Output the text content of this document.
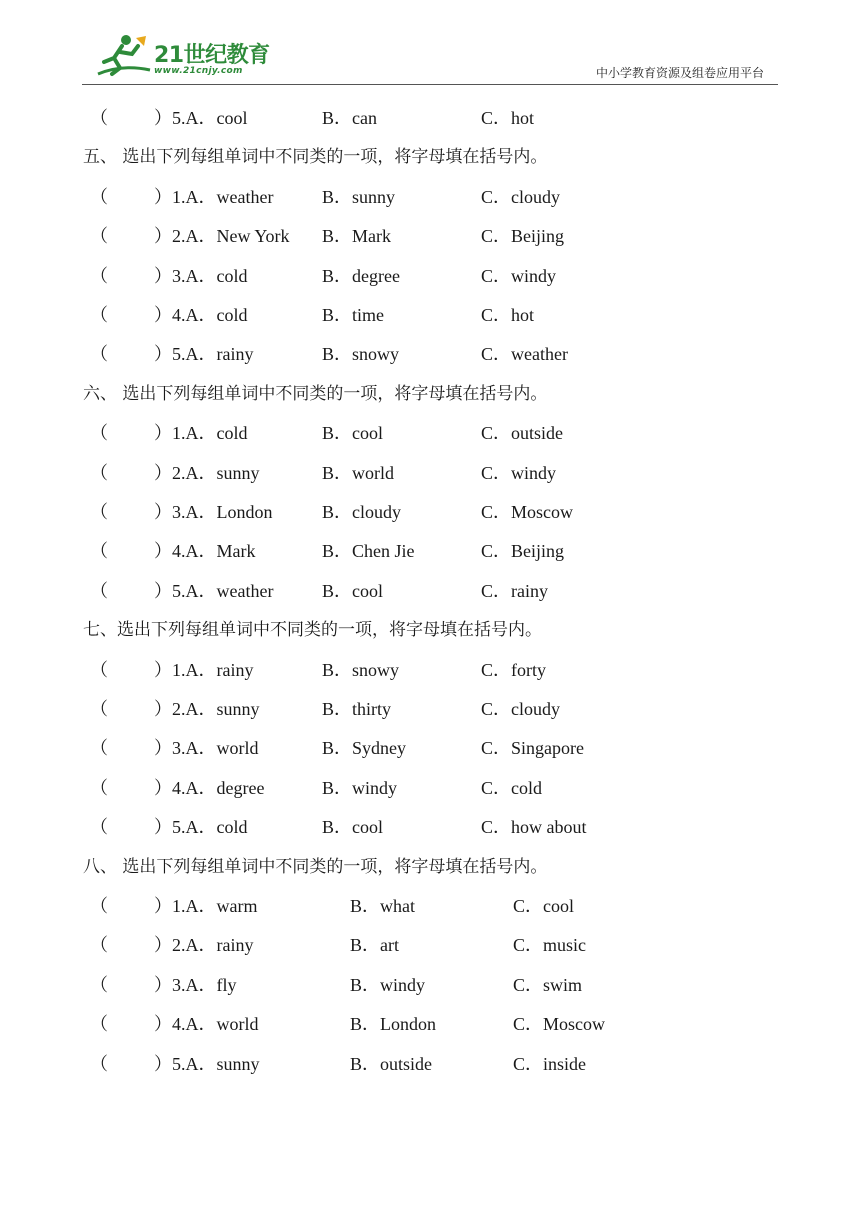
21世纪教育
www.21cnjy.com	中小学教育资源及组卷应用平台
（	）5.A．cool	B．can	C．hot
五、 选出下列每组单词中不同类的一项，将字母填在括号内。
（	）1.A．weather	B．sunny	C．cloudy
（	）2.A．New York B．Mark	C．Beijing
（	）3.A．cold	B．degree	C．windy
（	）4.A．cold	B．time	C．hot
（	）5.A．rainy	B．snowy	C．weather
六、 选出下列每组单词中不同类的一项，将字母填在括号内。
（	）1.A．cold	B．cool	C．outside
（	）2.A．sunny	B．world	C．windy
（	）3.A．London	B．cloudy	C．Moscow
（	）4.A．Mark	B．Chen Jie	C．Beijing
（	）5.A．weather	B．cool	C．rainy
七、选出下列每组单词中不同类的一项，将字母填在括号内。
（	）1.A．rainy	B．snowy	C．forty
（	）2.A．sunny	B．thirty	C．cloudy
（	）3.A．world	B．Sydney	C．Singapore
（	）4.A．degree	B．windy	C．cold
（	）5.A．cold	B．cool	C．how about
八、 选出下列每组单词中不同类的一项，将字母填在括号内。
（	）1.A．warm	B．what	C．cool
（	）2.A．rainy	B．art	C．music
（	）3.A．fly	B．windy	C．swim
（	）4.A．world	B．London	C．Moscow
（	）5.A．sunny	B．outside	C．inside
